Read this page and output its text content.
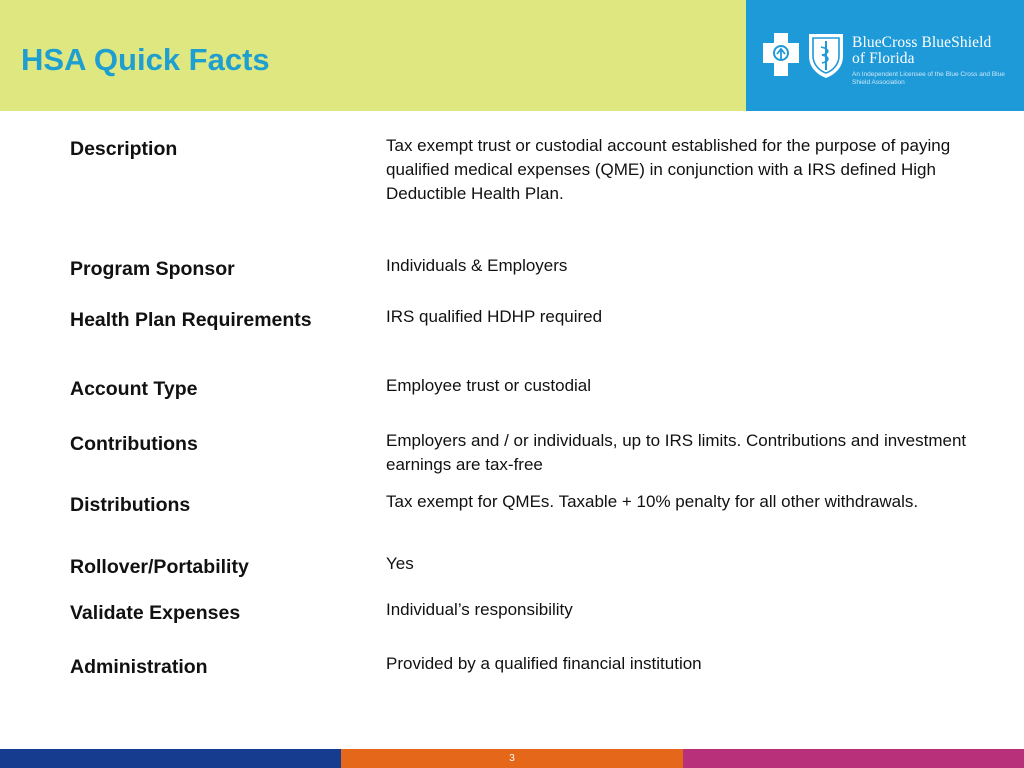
HSA Quick Facts	BlueCross BlueShield
of Florida
An Independent Licensee of the Blue Cross and Blue Shield Association
Description	Tax exempt trust or custodial account established for the purpose of paying qualified medical expenses (QME) in conjunction with a IRS defined High Deductible Health Plan.
Program Sponsor	Individuals & Employers
Health Plan Requirements	IRS qualified HDHP required
Account Type	Employee trust or custodial
Contributions	Employers and / or individuals, up to IRS limits. Contributions and investment earnings are tax-free
Distributions	Tax exempt for QMEs. Taxable + 10% penalty for all other withdrawals.
Rollover/Portability	Yes
Validate Expenses	Individual’s responsibility
Administration	Provided by a qualified financial institution
3
